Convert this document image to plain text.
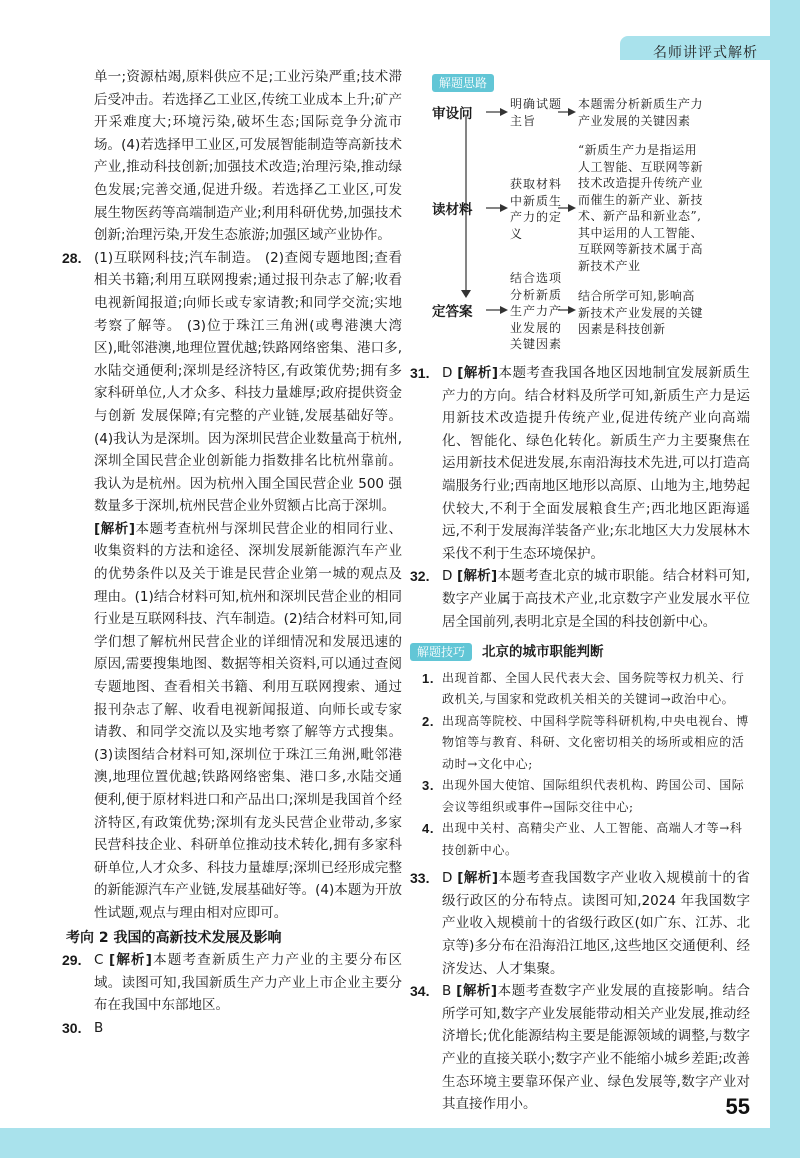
名师讲评式解析
单一;资源枯竭,原料供应不足;工业污染严重;技术滞后受冲击。若选择乙工业区,传统工业成本上升;矿产开采难度大;环境污染,破坏生态;国际竞争分流市场。(4)若选择甲工业区,可发展智能制造等高新技术产业,推动科技创新;加强技术改造;治理污染,推动绿色发展;完善交通,促进升级。若选择乙工业区,可发展生物医药等高端制造产业;利用科研优势,加强技术创新;治理污染,开发生态旅游;加强区域产业协作。
28. (1)互联网科技;汽车制造。 (2)查阅专题地图;查看相关书籍;利用互联网搜索;通过报刊杂志了解;收看电视新闻报道;向师长或专家请教;和同学交流;实地考察了解等。 (3)位于珠江三角洲(或粤港澳大湾区),毗邻港澳,地理位置优越;铁路网络密集、港口多,水陆交通便利;深圳是经济特区,有政策优势;拥有多家科研单位,人才众多、科技力量雄厚;政府提供资金与创新 发展保障;有完整的产业链,发展基础好等。 (4)我认为是深圳。因为深圳民营企业数量高于杭州,深圳全国民营企业创新能力指数排名比杭州靠前。 我认为是杭州。因为杭州入围全国民营企业 500 强数量多于深圳,杭州民营企业外贸额占比高于深圳。
[解析]本题考查杭州与深圳民营企业的相同行业、收集资料的方法和途径、深圳发展新能源汽车产业的优势条件以及关于谁是民营企业第一城的观点及理由。(1)结合材料可知,杭州和深圳民营企业的相同行业是互联网科技、汽车制造。(2)结合材料可知,同学们想了解杭州民营企业的详细情况和发展迅速的原因,需要搜集地图、数据等相关资料,可以通过查阅专题地图、查看相关书籍、利用互联网搜索、通过报刊杂志了解、收看电视新闻报道、向师长或专家请教、和同学交流以及实地考察了解等方式搜集。(3)读图结合材料可知,深圳位于珠江三角洲,毗邻港澳,地理位置优越;铁路网络密集、港口多,水陆交通便利,便于原材料进口和产品出口;深圳是我国首个经济特区,有政策优势;深圳有龙头民营企业带动,多家民营科技企业、科研单位推动技术转化,拥有多家科研单位,人才众多、科技力量雄厚;深圳已经形成完整的新能源汽车产业链,发展基础好等。(4)本题为开放性试题,观点与理由相对应即可。
考向 2 我国的高新技术发展及影响
29. C [解析]本题考查新质生产力产业的主要分布区域。读图可知,我国新质生产力产业上市企业主要分布在我国中东部地区。
30. B
解题思路
审设问
明确试题
主旨
本题需分析新质生产力
产业发展的关键因素
读材料
获取材料
中新质生
产力的定
义
“新质生产力是指运用
人工智能、互联网等新
技术改造提升传统产业
而催生的新产业、新技
术、新产品和新业态”,
其中运用的人工智能、
互联网等新技术属于高
新技术产业
定答案
结合选项
分析新质
生产力产
业发展的
关键因素
结合所学可知,影响高
新技术产业发展的关键
因素是科技创新
31. D [解析]本题考查我国各地区因地制宜发展新质生产力的方向。结合材料及所学可知,新质生产力是运用新技术改造提升传统产业,促进传统产业向高端化、智能化、绿色化转化。新质生产力主要聚焦在运用新技术促进发展,东南沿海技术先进,可以打造高端服务行业;西南地区地形以高原、山地为主,地势起伏较大,不利于全面发展粮食生产;西北地区距海遥远,不利于发展海洋装备产业;东北地区大力发展林木采伐不利于生态环境保护。
32. D [解析]本题考查北京的城市职能。结合材料可知,数字产业属于高技术产业,北京数字产业发展水平位居全国前列,表明北京是全国的科技创新中心。
解题技巧	北京的城市职能判断
1. 出现首都、全国人民代表大会、国务院等权力机关、行政机关,与国家和党政机关相关的关键词→政治中心。
2. 出现高等院校、中国科学院等科研机构,中央电视台、博物馆等与教育、科研、文化密切相关的场所或相应的活动时→文化中心;
3. 出现外国大使馆、国际组织代表机构、跨国公司、国际会议等组织或事件→国际交往中心;
4. 出现中关村、高精尖产业、人工智能、高端人才等→科技创新中心。
33. D [解析]本题考查我国数字产业收入规模前十的省级行政区的分布特点。读图可知,2024 年我国数字产业收入规模前十的省级行政区(如广东、江苏、北京等)多分布在沿海沿江地区,这些地区交通便利、经济发达、人才集聚。
34. B [解析]本题考查数字产业发展的直接影响。结合所学可知,数字产业发展能带动相关产业发展,推动经济增长;优化能源结构主要是能源领域的调整,与数字产业的直接关联小;数字产业不能缩小城乡差距;改善生态环境主要靠环保产业、绿色发展等,数字产业对其直接作用小。	55
